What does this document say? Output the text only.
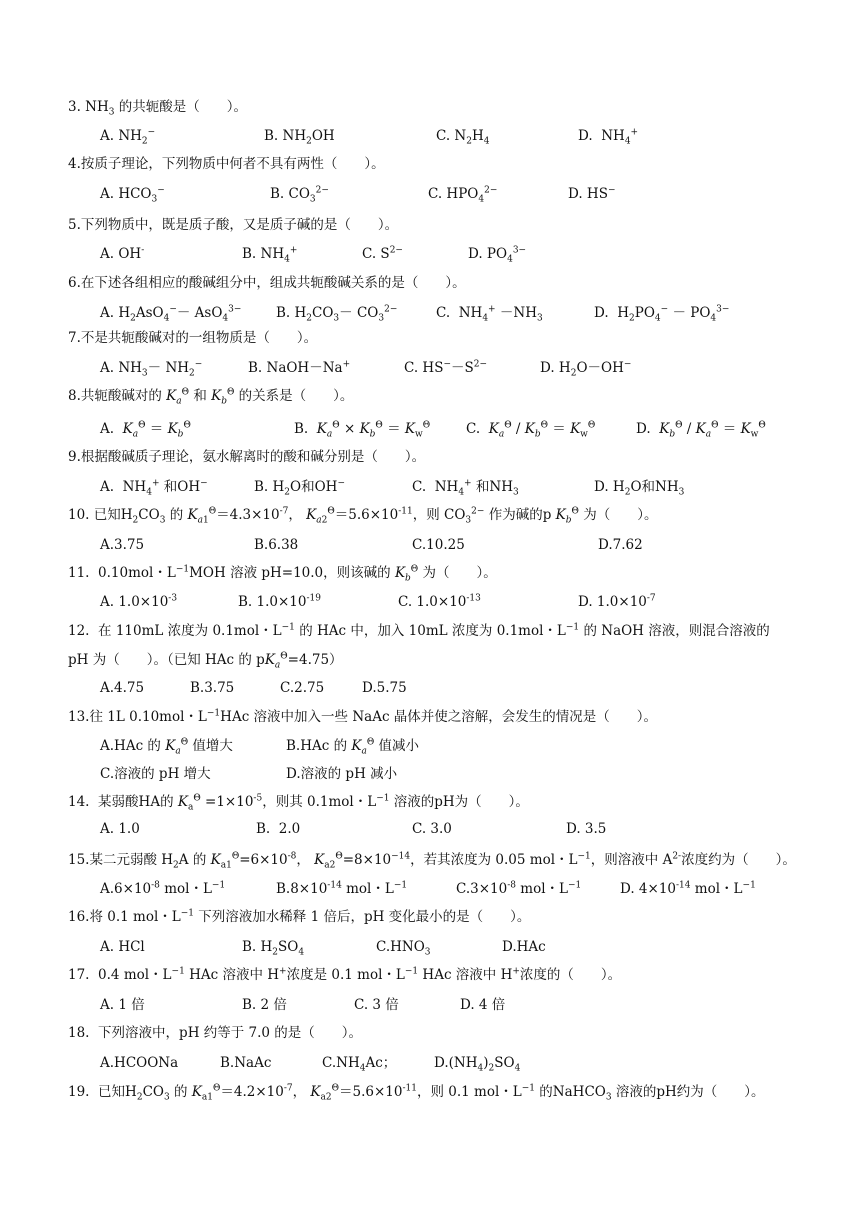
3. $NH_3$ 的共轭酸是（　　）。
A. $NH_2^-$	B. $NH_2OH$	C. $N_2H_4$	D.  $NH_4^+$
4.按质子理论，下列物质中何者不具有两性（　　）。
A. $HCO_3^-$	B. $CO_3^{2-}$	C. $HPO_4^{2-}$	D. HS−
5.下列物质中，既是质子酸，又是质子碱的是（　　）。
A. OH-	B. $NH_4^+$	C. $S^{2-}$	D. $PO_4^{3-}$
6.在下述各组相应的酸碱组分中，组成共轭酸碱关系的是（　　）。
A. $H_2AsO_4^-- AsO_4^{3-}$	B. $H_2CO_3- CO_3^{2-}$	C.  $NH_4^+ -NH_3$	D.  $H_2PO_4^- - PO_4^{3-}$
7.不是共轭酸碱对的一组物质是（　　）。
A. $NH_3- NH_2^-$	B. NaOH－Na+	C. $HS^--S^{2-}$	D. $H_2O-OH^-$
8.共轭酸碱对的 $K_a^\Theta$ 和 $K_b^\Theta$ 的关系是（　　）。
A.  $K_a^\Theta = K_b^\Theta$	B.  $K_a^\Theta \times K_b^\Theta = K_w^\Theta$	C.  $K_a^\Theta / K_b^\Theta = K_w^\Theta$	D.  $K_b^\Theta / K_a^\Theta = K_w^\Theta$
9.根据酸碱质子理论，氨水解离时的酸和碱分别是（　　）。
A.  $NH_4^+$ 和OH−	B. $H_2O$和OH−	C.  $NH_4^+$ 和$NH_3$	D. $H_2O$和$NH_3$
10. 已知$H_2CO_3$ 的 $K_{a1}^\Theta=4.3\times 10^{-7}$， $K_{a2}^\Theta=5.6\times 10^{-11}$，则 $CO_3^{2-}$ 作为碱的p $K_b^\Theta$ 为（　　）。
A.3.75	B.6.38	C.10.25	D.7.62
11.  0.10mol・$L^{-1}MOH$ 溶液 pH=10.0，则该碱的 $K_b^\Theta$ 为（　　）。
A. $1.0\times 10^{-3}$	B. $1.0\times 10^{-19}$	C. $1.0\times 10^{-13}$	D. $1.0\times 10^{-7}$
12.  在 110mL 浓度为 0.1mol・$L^{-1}$ 的 HAc 中，加入 10mL 浓度为 0.1mol・$L^{-1}$ 的 NaOH 溶液，则混合溶液的
pH 为（　　）。（已知 HAc 的 $pK_a^\Theta=4.75$）
A.4.75	B.3.75	C.2.75	D.5.75
13.往 1L 0.10mol・$L^{-1}HAc$ 溶液中加入一些 NaAc 晶体并使之溶解，会发生的情况是（　　）。
A.HAc 的 $K_a^\Theta$ 值增大	B.HAc 的 $K_a^\Theta$ 值减小
C.溶液的 pH 增大	D.溶液的 pH 减小
14.  某弱酸HA的 $K_a^\Theta =1\times 10^{-5}$，则其 0.1mol・$L^{-1}$ 溶液的pH为（　　）。
A. 1.0	B.  2.0	C. 3.0	D. 3.5
15.某二元弱酸 $H_2A$ 的 $K_{a1}^\Theta=6\times 10^{-8}$， $K_{a2}^\Theta=8\times 10^{-14}$，若其浓度为 0.05 mol・$L^{-1}$，则溶液中 $A^{2-}$浓度约为（　　）。
$A.6\times 10^{-8}$ mol・$L^{-1}$	$B.8\times 10^{-14}$ mol・$L^{-1}$	$C.3\times 10^{-8}$ mol・$L^{-1}$	D. $4\times 10^{-14}$ mol・$L^{-1}$
16.将 0.1 mol・$L^{-1}$ 下列溶液加水稀释 1 倍后，pH 变化最小的是（　　）。
A. HCl	B. $H_2SO_4$	$C.HNO_3$	D.HAc
17.  0.4 mol・$L^{-1}$ HAc 溶液中 H+浓度是 0.1 mol・$L^{-1}$ HAc 溶液中 H+浓度的（　　）。
A. 1 倍	B. 2 倍	C. 3 倍	D. 4 倍
18.  下列溶液中，pH 约等于 7.0 的是（　　）。
A.HCOONa	B.NaAc	$C.NH_4Ac$；	$D.(NH_4)_2SO_4$
19.  已知$H_2CO_3$ 的 $K_{a1}^\Theta=4.2\times 10^{-7}$， $K_{a2}^\Theta=5.6\times 10^{-11}$，则 0.1 mol・$L^{-1}$ 的NaHCO$_3$ 溶液的pH约为（　　）。
